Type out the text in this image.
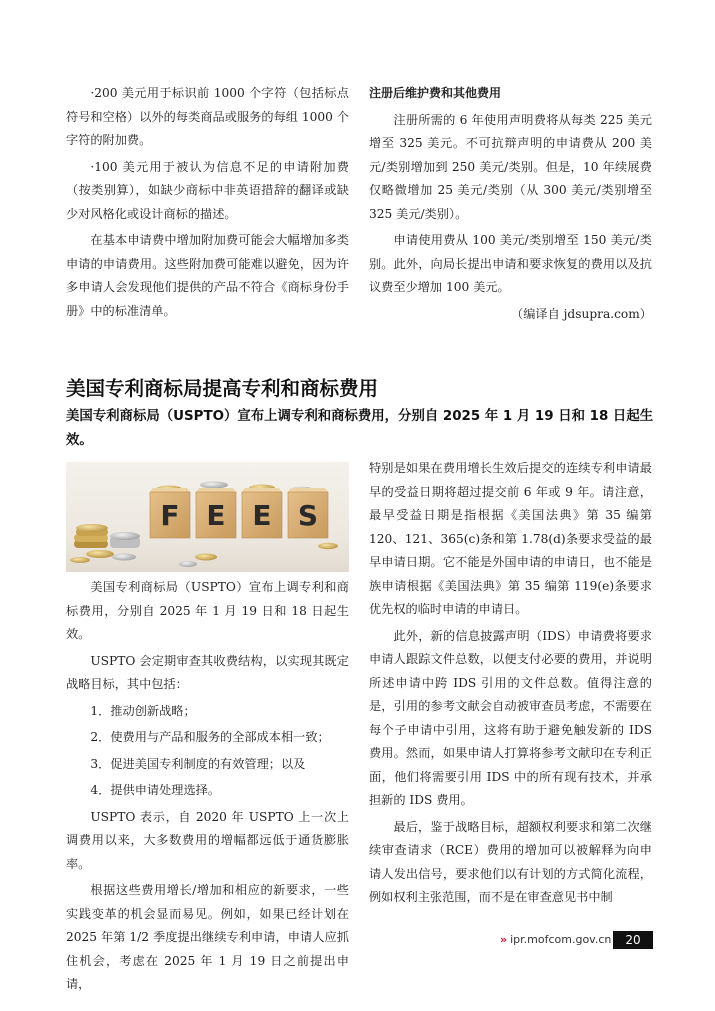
·200 美元用于标识前 1000 个字符（包括标点符号和空格）以外的每类商品或服务的每组 1000 个字符的附加费。

·100 美元用于被认为信息不足的申请附加费（按类别算），如缺少商标中非英语措辞的翻译或缺少对风格化或设计商标的描述。

在基本申请费中增加附加费可能会大幅增加多类申请的申请费用。这些附加费可能难以避免，因为许多申请人会发现他们提供的产品不符合《商标身份手册》中的标准清单。

注册后维护费和其他费用

注册所需的 6 年使用声明费将从每类 225 美元增至 325 美元。不可抗辩声明的申请费从 200 美元/类别增加到 250 美元/类别。但是，10 年续展费仅略微增加 25 美元/类别（从 300 美元/类别增至 325 美元/类别）。

申请使用费从 100 美元/类别增至 150 美元/类别。此外，向局长提出申请和要求恢复的费用以及抗议费至少增加 100 美元。

（编译自 jdsupra.com）

美国专利商标局提高专利和商标费用

美国专利商标局（USPTO）宣布上调专利和商标费用，分别自 2025 年 1 月 19 日和 18 日起生效。

F E E S

美国专利商标局（USPTO）宣布上调专利和商标费用，分别自 2025 年 1 月 19 日和 18 日起生效。

USPTO 会定期审查其收费结构，以实现其既定战略目标，其中包括：

1．推动创新战略；

2．使费用与产品和服务的全部成本相一致；

3．促进美国专利制度的有效管理；以及

4．提供申请处理选择。

USPTO 表示，自 2020 年 USPTO 上一次上调费用以来，大多数费用的增幅都远低于通货膨胀率。

根据这些费用增长/增加和相应的新要求，一些实践变革的机会显而易见。例如，如果已经计划在 2025 年第 1/2 季度提出继续专利申请，申请人应抓住机会，考虑在 2025 年 1 月 19 日之前提出申请，

特别是如果在费用增长生效后提交的连续专利申请最早的受益日期将超过提交前 6 年或 9 年。请注意，最早受益日期是指根据《美国法典》第 35 编第 120、121、365(c)条和第 1.78(d)条要求受益的最早申请日期。它不能是外国申请的申请日，也不能是族申请根据《美国法典》第 35 编第 119(e)条要求优先权的临时申请的申请日。

此外，新的信息披露声明（IDS）申请费将要求申请人跟踪文件总数，以便支付必要的费用，并说明所述申请中跨 IDS 引用的文件总数。值得注意的是，引用的参考文献会自动被审查员考虑，不需要在每个子申请中引用，这将有助于避免触发新的 IDS 费用。然而，如果申请人打算将参考文献印在专利正面，他们将需要引用 IDS 中的所有现有技术，并承担新的 IDS 费用。

最后，鉴于战略目标，超额权利要求和第二次继续审查请求（RCE）费用的增加可以被解释为向申请人发出信号，要求他们以有计划的方式简化流程，例如权利主张范围，而不是在审查意见书中制

» ipr.mofcom.gov.cn	20
